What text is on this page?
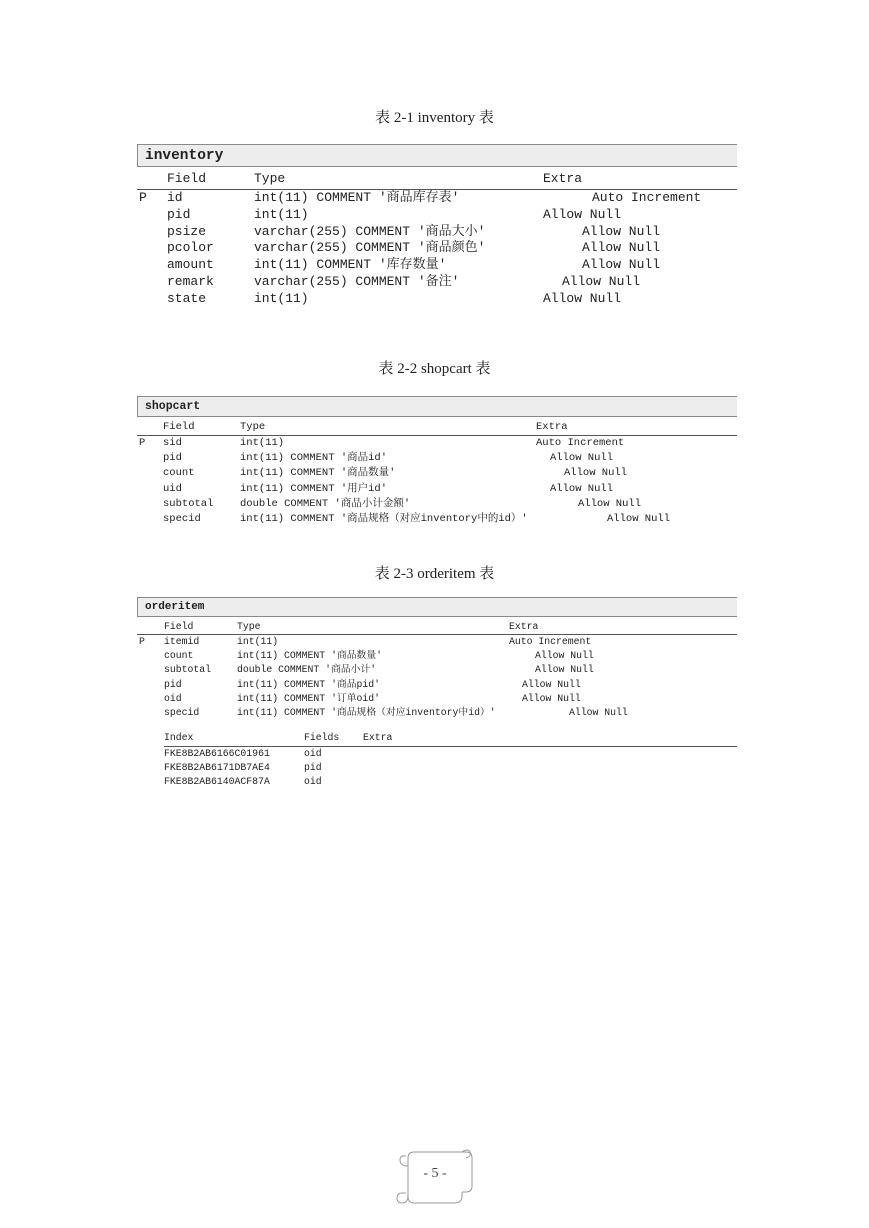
表 2-1 inventory 表
inventory
Field	Type	Extra
P id	int(11) COMMENT '商品库存表'	Auto Increment
pid	int(11)	Allow Null
psize	varchar(255) COMMENT '商品大小'	Allow Null
pcolor	varchar(255) COMMENT '商品颜色'	Allow Null
amount	int(11) COMMENT '库存数量'	Allow Null
remark	varchar(255) COMMENT '备注'	Allow Null
state	int(11)	Allow Null
表 2-2 shopcart 表
shopcart
Field	Type	Extra
P sid	int(11)	Auto Increment
pid	int(11) COMMENT '商品id'	Allow Null
count	int(11) COMMENT '商品数量'	Allow Null
uid	int(11) COMMENT '用户id'	Allow Null
subtotal	double COMMENT '商品小计金额'	Allow Null
specid	int(11) COMMENT '商品规格（对应inventory中的id）'	Allow Null
表 2-3 orderitem 表
orderitem
Field	Type	Extra
P itemid	int(11)	Auto Increment
count	int(11) COMMENT '商品数量'	Allow Null
subtotal	double COMMENT '商品小计'	Allow Null
pid	int(11) COMMENT '商品pid'	Allow Null
oid	int(11) COMMENT '订单oid'	Allow Null
specid	int(11) COMMENT '商品规格（对应inventory中id）'	Allow Null
Index	Fields Extra
FKE8B2AB6166C01961	oid
FKE8B2AB6171DB7AE4	pid
FKE8B2AB6140ACF87A	oid
- 5 -
